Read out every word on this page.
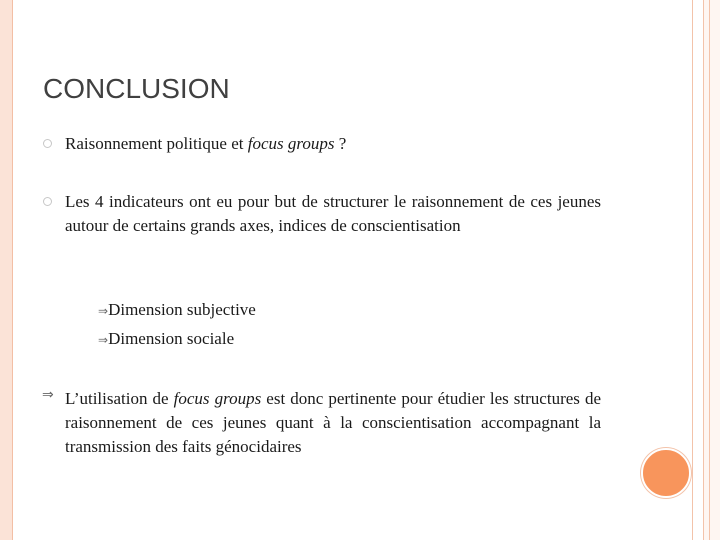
CONCLUSION
Raisonnement politique et focus groups ?
Les 4 indicateurs ont eu pour but de structurer le raisonnement de ces jeunes autour de certains grands axes, indices de conscientisation
⇒Dimension subjective
⇒Dimension sociale
⇒ L’utilisation de focus groups est donc pertinente pour étudier les structures de raisonnement de ces jeunes quant à la conscientisation accompagnant la transmission des faits génocidaires
